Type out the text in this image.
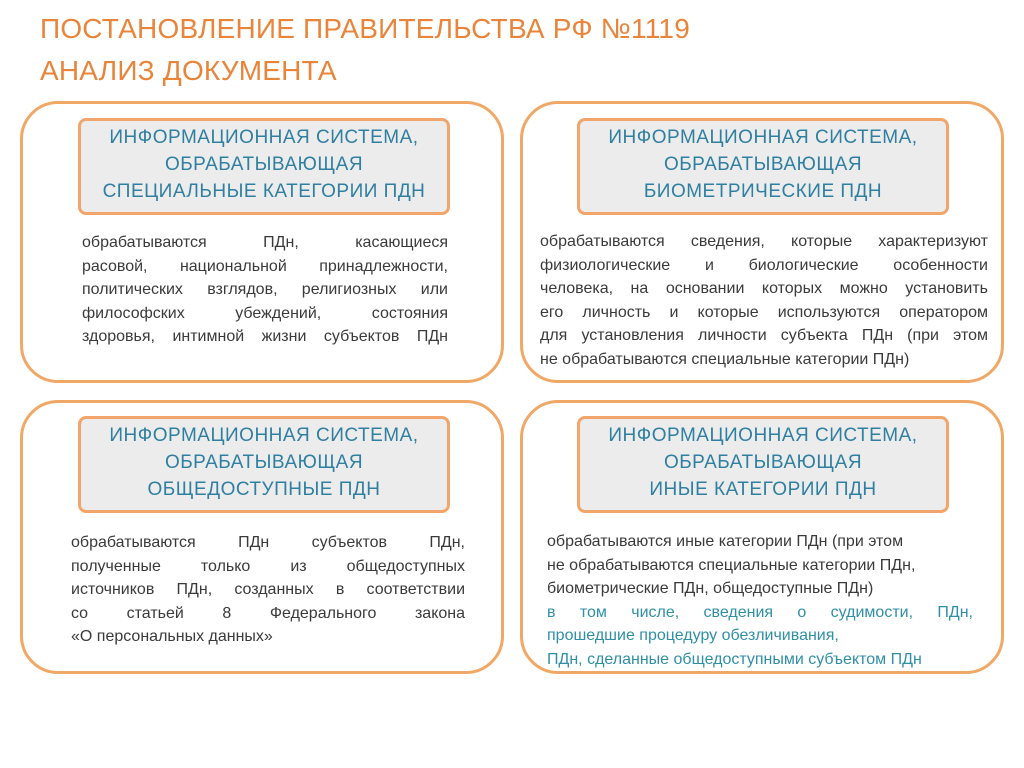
ПОСТАНОВЛЕНИЕ ПРАВИТЕЛЬСТВА РФ №1119
АНАЛИЗ ДОКУМЕНТА
ИНФОРМАЦИОННАЯ СИСТЕМА,
ОБРАБАТЫВАЮЩАЯ
СПЕЦИАЛЬНЫЕ КАТЕГОРИИ ПДН
обрабатываются ПДн, касающиеся
расовой, национальной принадлежности,
политических взглядов, религиозных или
философских убеждений, состояния
здоровья, интимной жизни субъектов ПДн
ИНФОРМАЦИОННАЯ СИСТЕМА,
ОБРАБАТЫВАЮЩАЯ
БИОМЕТРИЧЕСКИЕ ПДН
обрабатываются сведения, которые характеризуют
физиологические и биологические особенности
человека, на основании которых можно установить
его личность и которые используются оператором
для установления личности субъекта ПДн (при этом
не обрабатываются специальные категории ПДн)
ИНФОРМАЦИОННАЯ СИСТЕМА,
ОБРАБАТЫВАЮЩАЯ
ОБЩЕДОСТУПНЫЕ ПДН
обрабатываются ПДн субъектов ПДн,
полученные только из общедоступных
источников ПДн, созданных в соответствии
со статьей 8 Федерального закона
«О персональных данных»
ИНФОРМАЦИОННАЯ СИСТЕМА,
ОБРАБАТЫВАЮЩАЯ
ИНЫЕ КАТЕГОРИИ ПДН
обрабатываются иные категории ПДн (при этом
не обрабатываются специальные категории ПДн,
биометрические ПДн, общедоступные ПДн)
в том числе, сведения о судимости, ПДн,
прошедшие процедуру обезличивания,
ПДн, сделанные общедоступными субъектом ПДн
